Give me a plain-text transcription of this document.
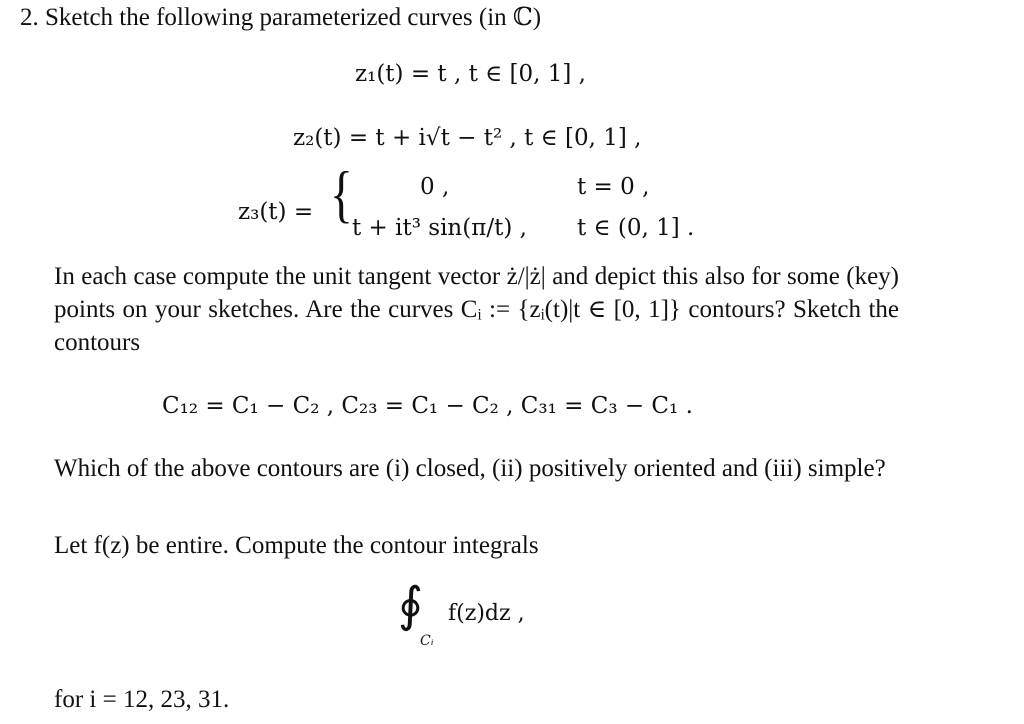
2. Sketch the following parameterized curves (in ℂ)
z₁(t) = t , t ∈ [0, 1] ,
z₂(t) = t + i√t − t² , t ∈ [0, 1] ,
z₃(t) = {	0 ,	t = 0 ,
t + it³ sin(π/t) , t ∈ (0, 1] .
In each case compute the unit tangent vector ż/|ż| and depict this also for some (key) points on your sketches. Are the curves Cᵢ := {zᵢ(t)|t ∈ [0, 1]} contours? Sketch the contours
C₁₂ = C₁ − C₂ , C₂₃ = C₁ − C₂ , C₃₁ = C₃ − C₁ .
Which of the above contours are (i) closed, (ii) positively oriented and (iii) simple?
Let f(z) be entire. Compute the contour integrals
∮
Cᵢ
f(z)dz ,
for i = 12, 23, 31.
